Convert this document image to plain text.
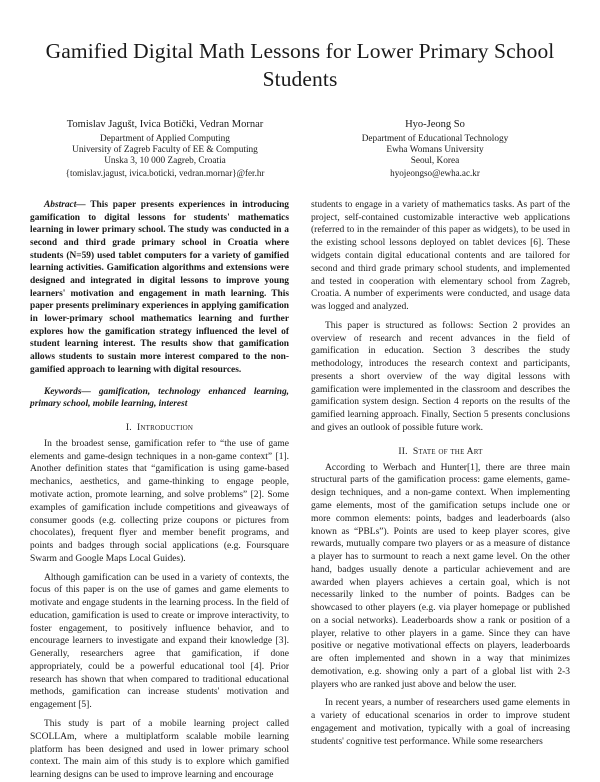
Gamified Digital Math Lessons for Lower Primary School Students
Tomislav Jagušt, Ivica Botički, Vedran Mornar
Department of Applied Computing
University of Zagreb Faculty of EE & Computing
Unska 3, 10 000 Zagreb, Croatia
{tomislav.jagust, ivica.boticki, vedran.mornar}@fer.hr
Hyo-Jeong So
Department of Educational Technology
Ewha Womans University
Seoul, Korea
hyojeongso@ewha.ac.kr

Abstract— This paper presents experiences in introducing gamification to digital lessons for students' mathematics learning in lower primary school. The study was conducted in a second and third grade primary school in Croatia where students (N=59) used tablet computers for a variety of gamified learning activities. Gamification algorithms and extensions were designed and integrated in digital lessons to improve young learners' motivation and engagement in math learning. This paper presents preliminary experiences in applying gamification in lower-primary school mathematics learning and further explores how the gamification strategy influenced the level of student learning interest. The results show that gamification allows students to sustain more interest compared to the non-gamified approach to learning with digital resources.

Keywords— gamification, technology enhanced learning, primary school, mobile learning, interest

I. Introduction

In the broadest sense, gamification refer to “the use of game elements and game-design techniques in a non-game context” [1]. Another definition states that “gamification is using game-based mechanics, aesthetics, and game-thinking to engage people, motivate action, promote learning, and solve problems” [2]. Some examples of gamification include competitions and giveaways of consumer goods (e.g. collecting prize coupons or pictures from chocolates), frequent flyer and member benefit programs, and points and badges through social applications (e.g. Foursquare Swarm and Google Maps Local Guides).

Although gamification can be used in a variety of contexts, the focus of this paper is on the use of games and game elements to motivate and engage students in the learning process. In the field of education, gamification is used to create or improve interactivity, to foster engagement, to positively influence behavior, and to encourage learners to investigate and expand their knowledge [3]. Generally, researchers agree that gamification, if done appropriately, could be a powerful educational tool [4]. Prior research has shown that when compared to traditional educational methods, gamification can increase students' motivation and engagement [5].

This study is part of a mobile learning project called SCOLLAm, where a multiplatform scalable mobile learning platform has been designed and used in lower primary school context. The main aim of this study is to explore which gamified learning designs can be used to improve learning and encourage

students to engage in a variety of mathematics tasks. As part of the project, self-contained customizable interactive web applications (referred to in the remainder of this paper as widgets), to be used in the existing school lessons deployed on tablet devices [6]. These widgets contain digital educational contents and are tailored for second and third grade primary school students, and implemented and tested in cooperation with elementary school from Zagreb, Croatia. A number of experiments were conducted, and usage data was logged and analyzed.

This paper is structured as follows: Section 2 provides an overview of research and recent advances in the field of gamification in education. Section 3 describes the study methodology, introduces the research context and participants, presents a short overview of the way digital lessons with gamification were implemented in the classroom and describes the gamification system design. Section 4 reports on the results of the gamified learning approach. Finally, Section 5 presents conclusions and gives an outlook of possible future work.

II. State of the Art

According to Werbach and Hunter[1], there are three main structural parts of the gamification process: game elements, game-design techniques, and a non-game context. When implementing game elements, most of the gamification setups include one or more common elements: points, badges and leaderboards (also known as “PBLs”). Points are used to keep player scores, give rewards, mutually compare two players or as a measure of distance a player has to surmount to reach a next game level. On the other hand, badges usually denote a particular achievement and are awarded when players achieves a certain goal, which is not necessarily linked to the number of points. Badges can be showcased to other players (e.g. via player homepage or published on a social networks). Leaderboards show a rank or position of a player, relative to other players in a game. Since they can have positive or negative motivational effects on players, leaderboards are often implemented and shown in a way that minimizes demotivation, e.g. showing only a part of a global list with 2-3 players who are ranked just above and below the user.

In recent years, a number of researchers used game elements in a variety of educational scenarios in order to improve student engagement and motivation, typically with a goal of increasing students' cognitive test performance. While some researchers
